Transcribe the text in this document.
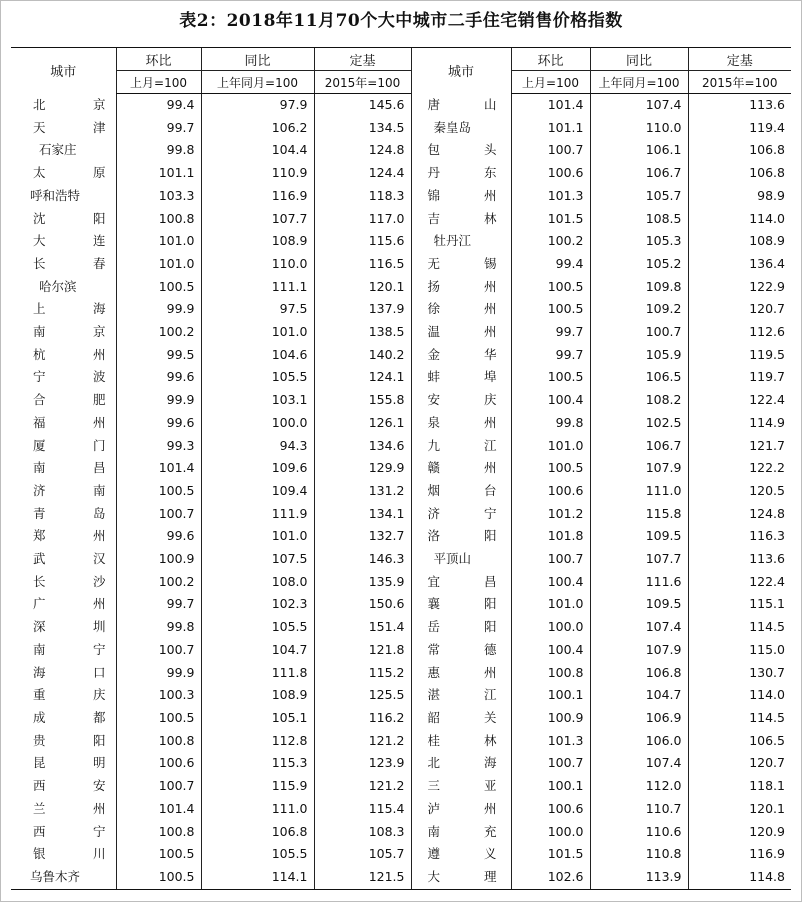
表2：2018年11月70个大中城市二手住宅销售价格指数
城市	环比	同比	定基	城市	环比	同比	定基
	上月=100	上年同月=100	2015年=100		上月=100	上年同月=100	2015年=100
北京	99.4	97.9	145.6	唐山	101.4	107.4	113.6
天津	99.7	106.2	134.5	秦皇岛	101.1	110.0	119.4
石家庄	99.8	104.4	124.8	包头	100.7	106.1	106.8
太原	101.1	110.9	124.4	丹东	100.6	106.7	106.8
呼和浩特	103.3	116.9	118.3	锦州	101.3	105.7	98.9
沈阳	100.8	107.7	117.0	吉林	101.5	108.5	114.0
大连	101.0	108.9	115.6	牡丹江	100.2	105.3	108.9
长春	101.0	110.0	116.5	无锡	99.4	105.2	136.4
哈尔滨	100.5	111.1	120.1	扬州	100.5	109.8	122.9
上海	99.9	97.5	137.9	徐州	100.5	109.2	120.7
南京	100.2	101.0	138.5	温州	99.7	100.7	112.6
杭州	99.5	104.6	140.2	金华	99.7	105.9	119.5
宁波	99.6	105.5	124.1	蚌埠	100.5	106.5	119.7
合肥	99.9	103.1	155.8	安庆	100.4	108.2	122.4
福州	99.6	100.0	126.1	泉州	99.8	102.5	114.9
厦门	99.3	94.3	134.6	九江	101.0	106.7	121.7
南昌	101.4	109.6	129.9	赣州	100.5	107.9	122.2
济南	100.5	109.4	131.2	烟台	100.6	111.0	120.5
青岛	100.7	111.9	134.1	济宁	101.2	115.8	124.8
郑州	99.6	101.0	132.7	洛阳	101.8	109.5	116.3
武汉	100.9	107.5	146.3	平顶山	100.7	107.7	113.6
长沙	100.2	108.0	135.9	宜昌	100.4	111.6	122.4
广州	99.7	102.3	150.6	襄阳	101.0	109.5	115.1
深圳	99.8	105.5	151.4	岳阳	100.0	107.4	114.5
南宁	100.7	104.7	121.8	常德	100.4	107.9	115.0
海口	99.9	111.8	115.2	惠州	100.8	106.8	130.7
重庆	100.3	108.9	125.5	湛江	100.1	104.7	114.0
成都	100.5	105.1	116.2	韶关	100.9	106.9	114.5
贵阳	100.8	112.8	121.2	桂林	101.3	106.0	106.5
昆明	100.6	115.3	123.9	北海	100.7	107.4	120.7
西安	100.7	115.9	121.2	三亚	100.1	112.0	118.1
兰州	101.4	111.0	115.4	泸州	100.6	110.7	120.1
西宁	100.8	106.8	108.3	南充	100.0	110.6	120.9
银川	100.5	105.5	105.7	遵义	101.5	110.8	116.9
乌鲁木齐	100.5	114.1	121.5	大理	102.6	113.9	114.8
